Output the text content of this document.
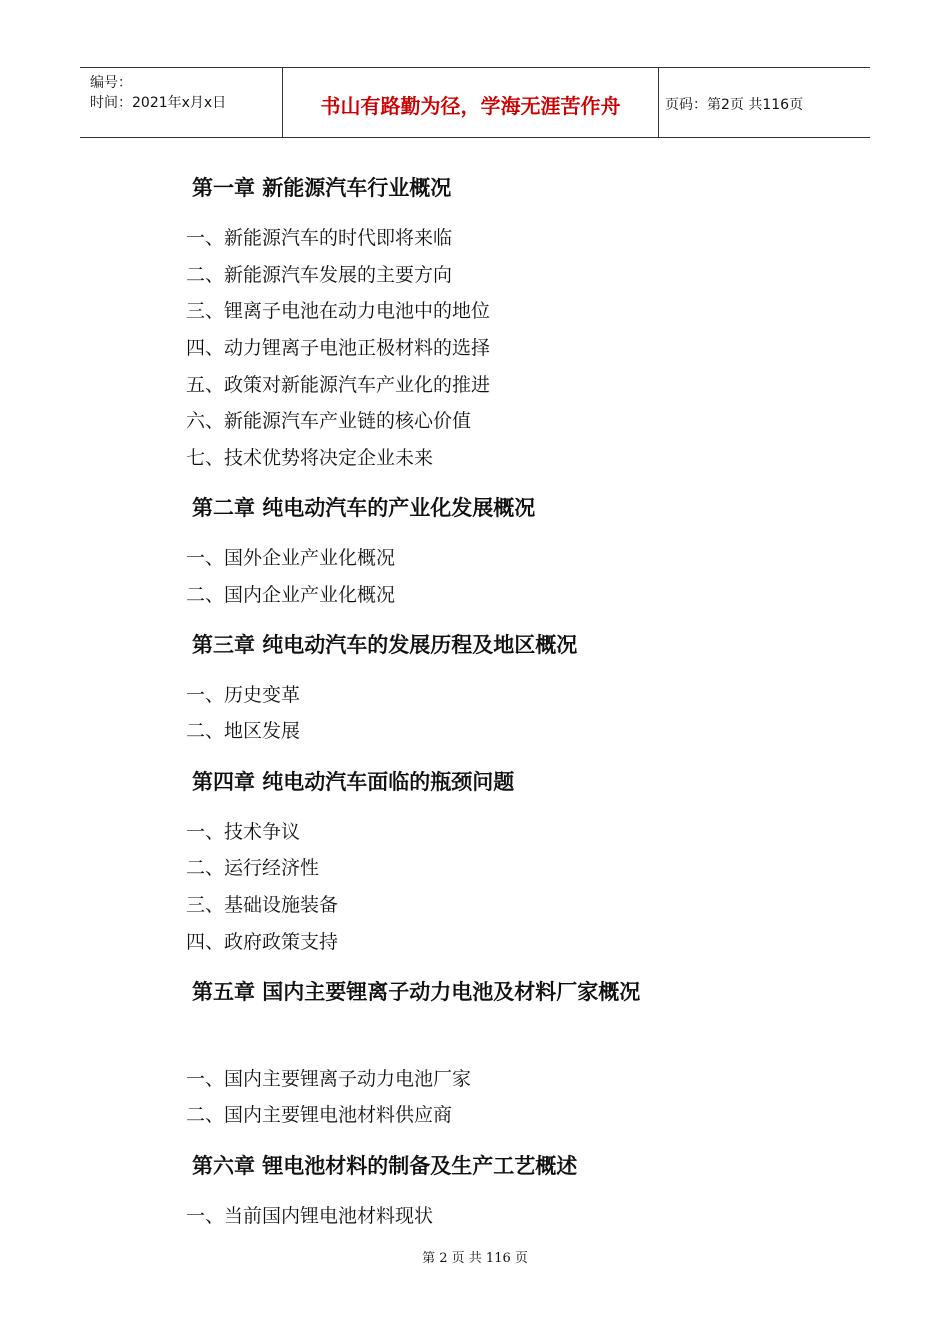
编号：
时间：2021年x月x日	书山有路勤为径，学海无涯苦作舟	页码：第2页 共116页
第一章 新能源汽车行业概况
一、新能源汽车的时代即将来临
二、新能源汽车发展的主要方向
三、锂离子电池在动力电池中的地位
四、动力锂离子电池正极材料的选择
五、政策对新能源汽车产业化的推进
六、新能源汽车产业链的核心价值
七、技术优势将决定企业未来
第二章 纯电动汽车的产业化发展概况
一、国外企业产业化概况
二、国内企业产业化概况
第三章 纯电动汽车的发展历程及地区概况
一、历史变革
二、地区发展
第四章 纯电动汽车面临的瓶颈问题
一、技术争议
二、运行经济性
三、基础设施装备
四、政府政策支持
第五章 国内主要锂离子动力电池及材料厂家概况
一、国内主要锂离子动力电池厂家
二、国内主要锂电池材料供应商
第六章 锂电池材料的制备及生产工艺概述
一、当前国内锂电池材料现状
第 2 页 共 116 页
